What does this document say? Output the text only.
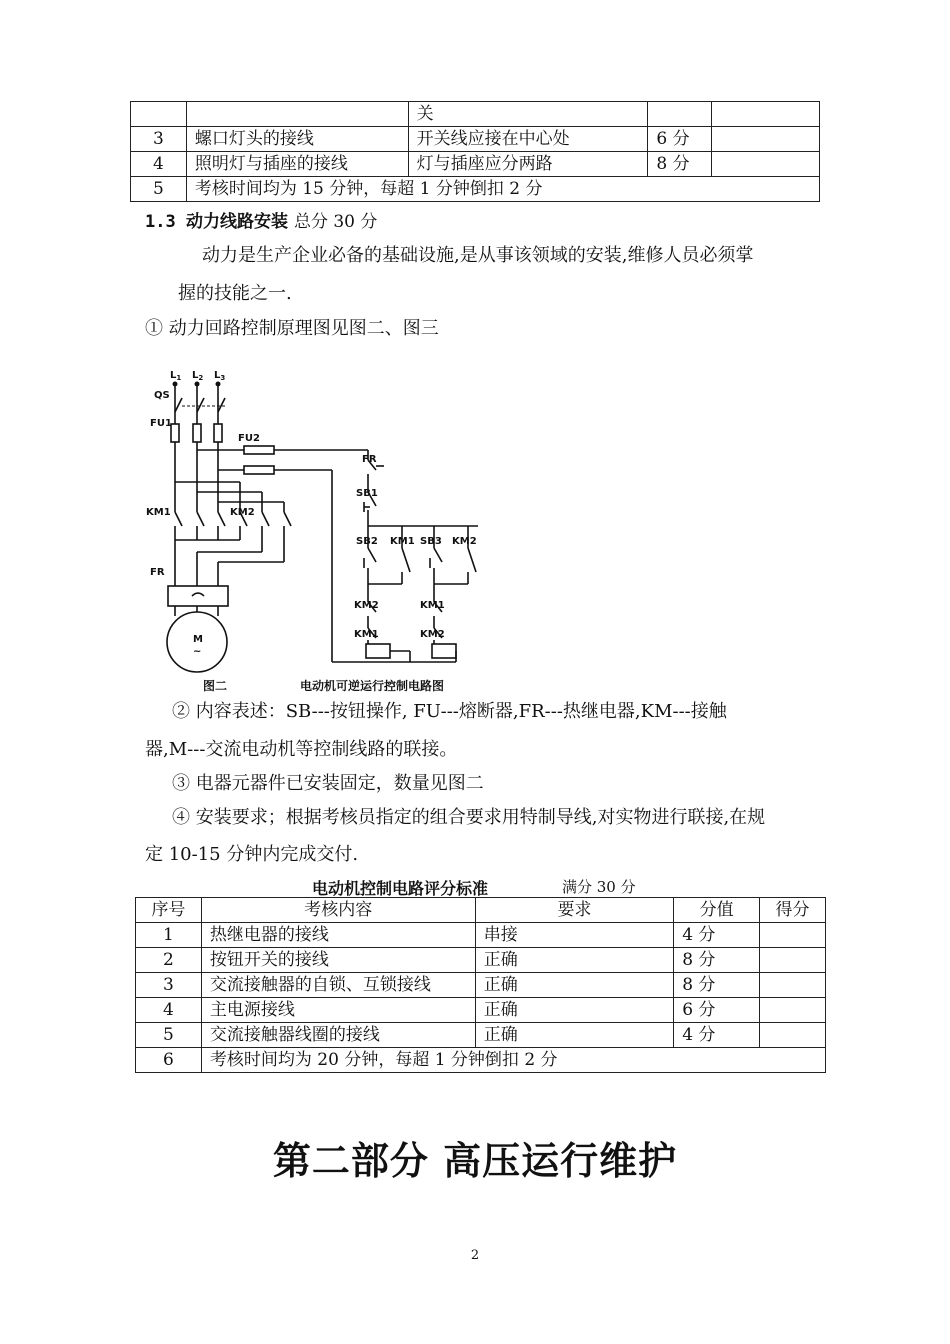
		关		
3	螺口灯头的接线	开关线应接在中心处	6 分	
4	照明灯与插座的接线	灯与插座应分两路	8 分	
5	考核时间均为 15 分钟，每超 1 分钟倒扣 2 分			
1.3 动力线路安装 总分 30 分
动力是生产企业必备的基础设施,是从事该领域的安装,维修人员必须掌
握的技能之一.
① 动力回路控制原理图见图二、图三
$L_1$ $L_2$ $L_3$
QS
FU1
FU2
KM1	KM2
FR
M
~
FR
SB1
SB2 KM1 SB3 KM2
KM2	KM1
KM1	KM2
图二	电动机可逆运行控制电路图
② 内容表述：SB---按钮操作, FU---熔断器,FR---热继电器,KM---接触
器,M---交流电动机等控制线路的联接。
③ 电器元器件已安装固定，数量见图二
④ 安装要求；根据考核员指定的组合要求用特制导线,对实物进行联接,在规
定 10-15 分钟内完成交付.
电动机控制电路评分标准	满分 30 分
序号	考核内容	要求	分值	得分
1	热继电器的接线	串接	4 分	
2	按钮开关的接线	正确	8 分	
3	交流接触器的自锁、互锁接线	正确	8 分	
4	主电源接线	正确	6 分	
5	交流接触器线圈的接线	正确	4 分	
6	考核时间均为 20 分钟，每超 1 分钟倒扣 2 分			
第二部分 高压运行维护
2
